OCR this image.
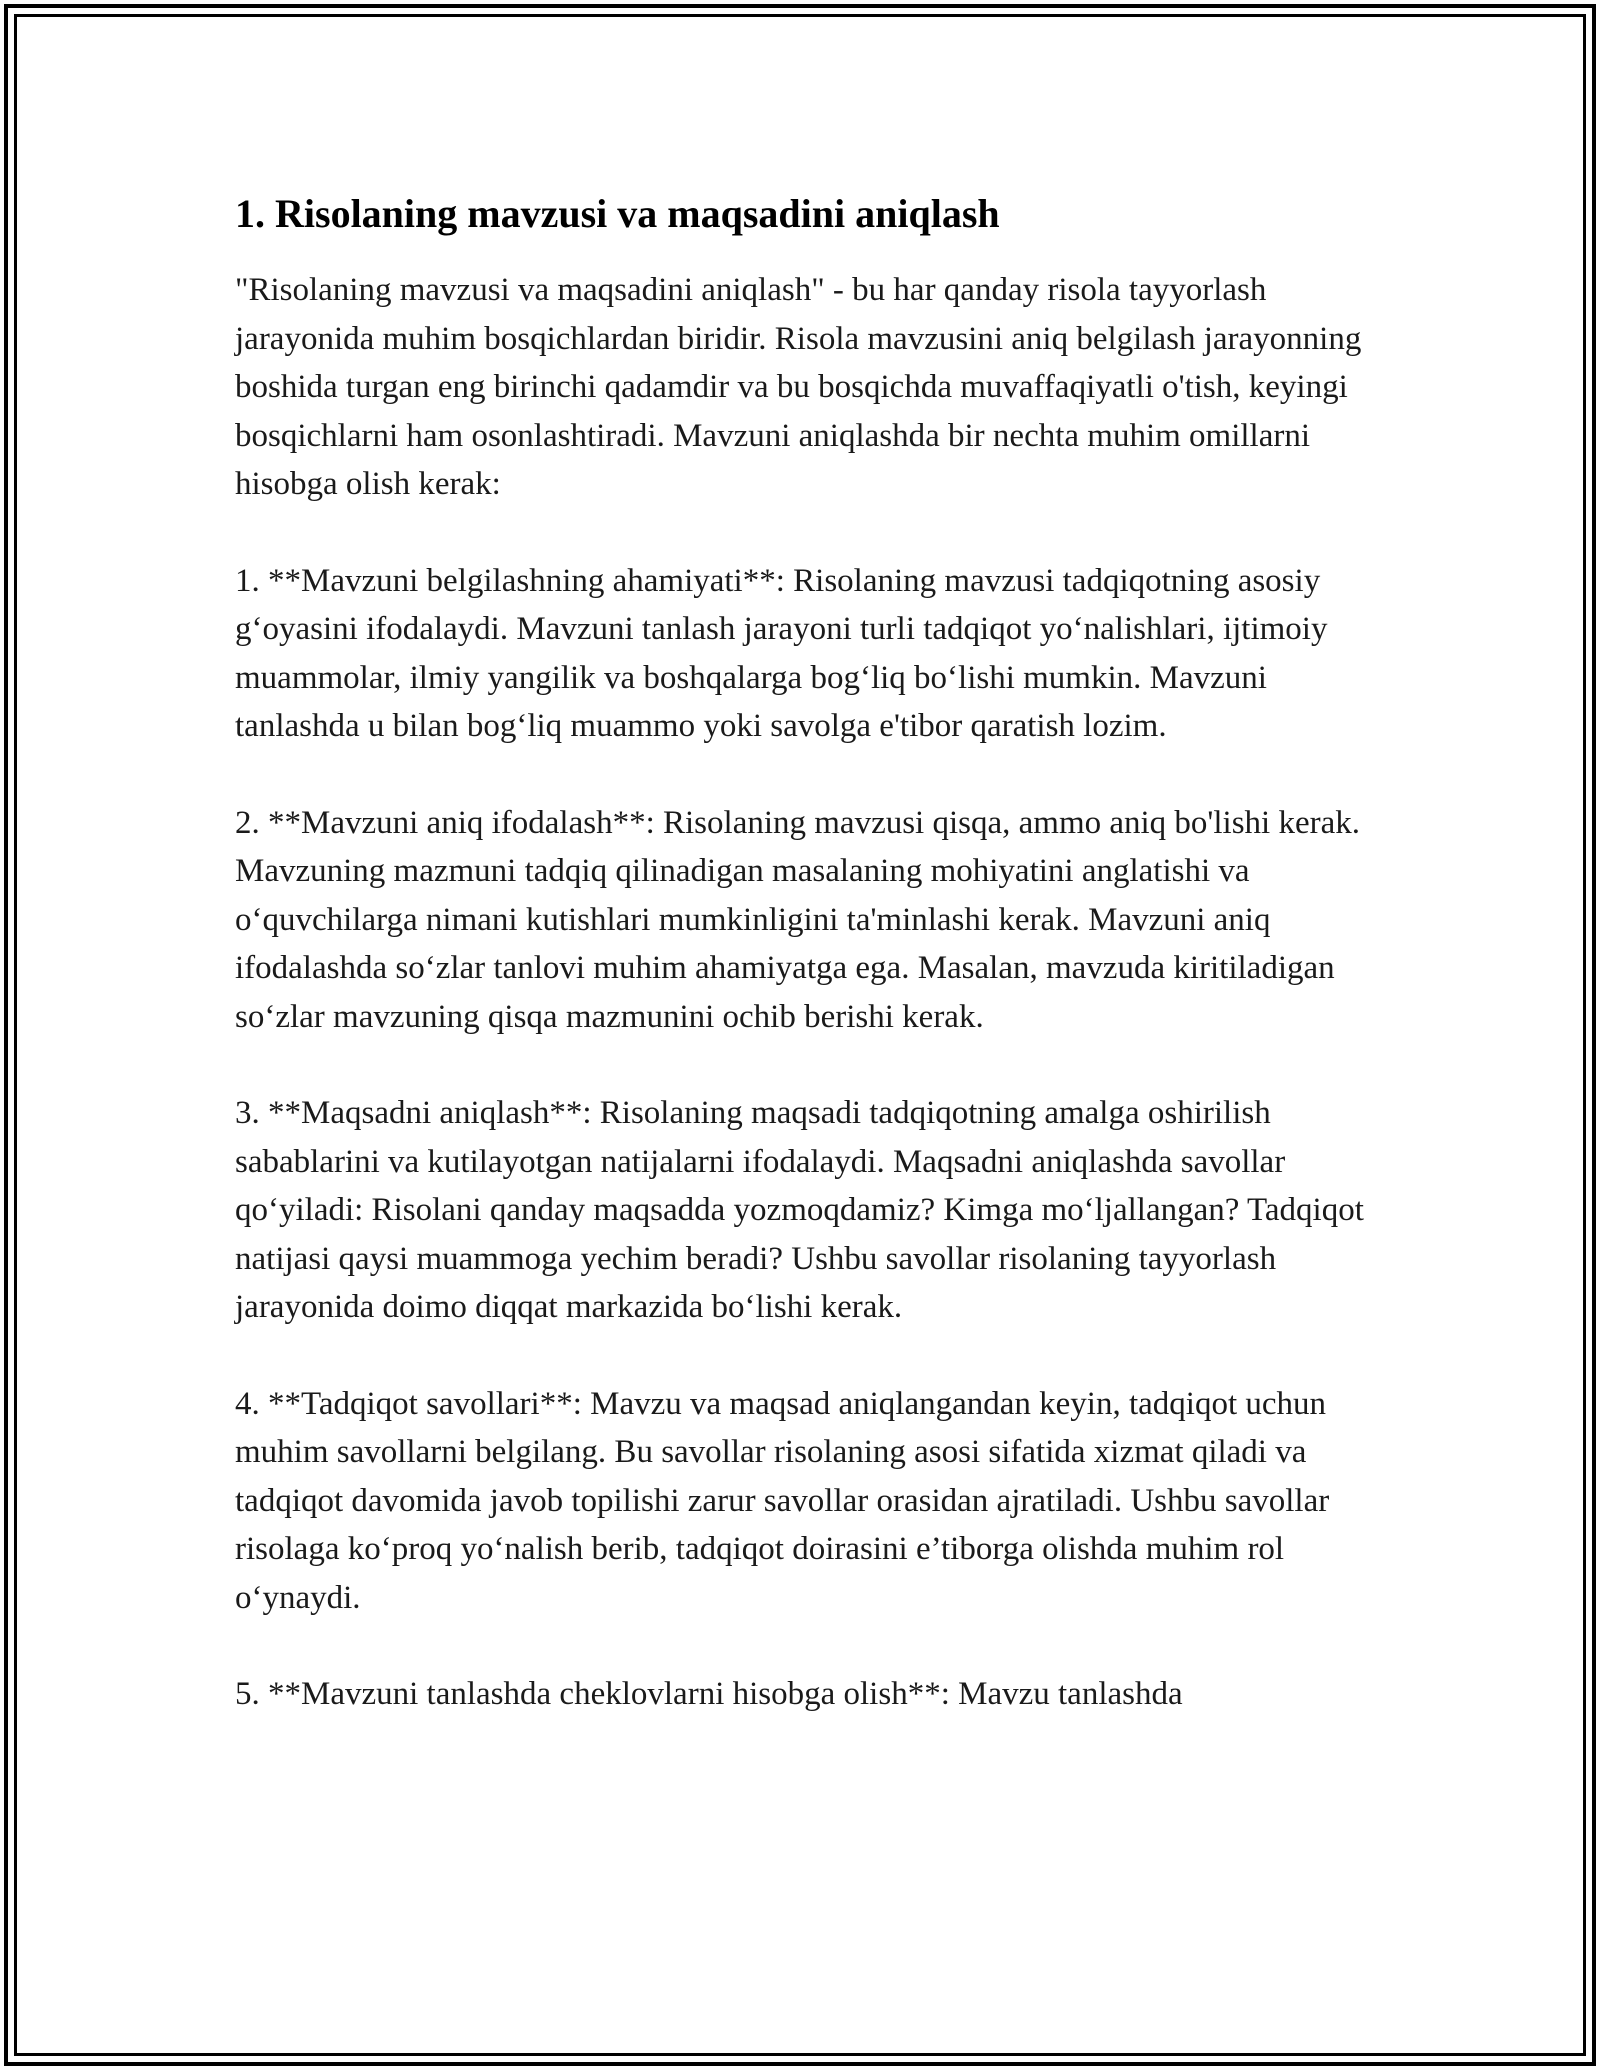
1. Risolaning mavzusi va maqsadini aniqlash

"Risolaning mavzusi va maqsadini aniqlash" - bu har qanday risola tayyorlash jarayonida muhim bosqichlardan biridir. Risola mavzusini aniq belgilash jarayonning boshida turgan eng birinchi qadamdir va bu bosqichda muvaffaqiyatli o'tish, keyingi bosqichlarni ham osonlashtiradi. Mavzuni aniqlashda bir nechta muhim omillarni hisobga olish kerak:

1. **Mavzuni belgilashning ahamiyati**: Risolaning mavzusi tadqiqotning asosiy g‘oyasini ifodalaydi. Mavzuni tanlash jarayoni turli tadqiqot yo‘nalishlari, ijtimoiy muammolar, ilmiy yangilik va boshqalarga bog‘liq bo‘lishi mumkin. Mavzuni tanlashda u bilan bog‘liq muammo yoki savolga e'tibor qaratish lozim.

2. **Mavzuni aniq ifodalash**: Risolaning mavzusi qisqa, ammo aniq bo'lishi kerak. Mavzuning mazmuni tadqiq qilinadigan masalaning mohiyatini anglatishi va o‘quvchilarga nimani kutishlari mumkinligini ta'minlashi kerak. Mavzuni aniq ifodalashda so‘zlar tanlovi muhim ahamiyatga ega. Masalan, mavzuda kiritiladigan so‘zlar mavzuning qisqa mazmunini ochib berishi kerak.

3. **Maqsadni aniqlash**: Risolaning maqsadi tadqiqotning amalga oshirilish sabablarini va kutilayotgan natijalarni ifodalaydi. Maqsadni aniqlashda savollar qo‘yiladi: Risolani qanday maqsadda yozmoqdamiz? Kimga mo‘ljallangan? Tadqiqot natijasi qaysi muammoga yechim beradi? Ushbu savollar risolaning tayyorlash jarayonida doimo diqqat markazida bo‘lishi kerak.

4. **Tadqiqot savollari**: Mavzu va maqsad aniqlangandan keyin, tadqiqot uchun muhim savollarni belgilang. Bu savollar risolaning asosi sifatida xizmat qiladi va tadqiqot davomida javob topilishi zarur savollar orasidan ajratiladi. Ushbu savollar risolaga ko‘proq yo‘nalish berib, tadqiqot doirasini e’tiborga olishda muhim rol o‘ynaydi.

5. **Mavzuni tanlashda cheklovlarni hisobga olish**: Mavzu tanlashda
